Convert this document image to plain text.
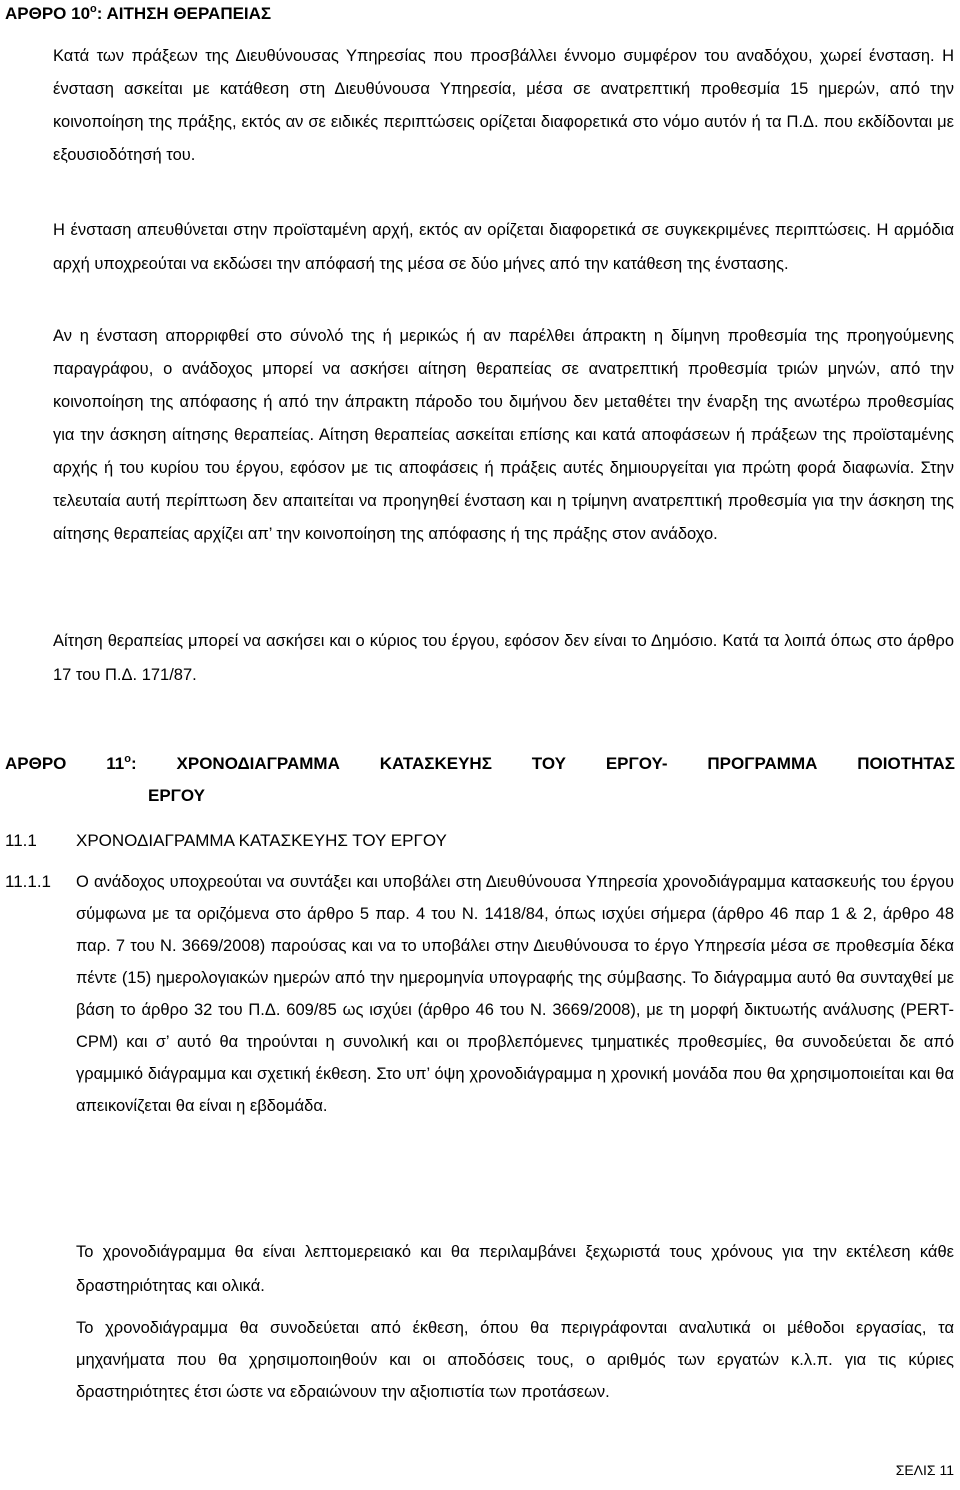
ΑΡΘΡΟ $10^o$: ΑΙΤΗΣΗ ΘΕΡΑΠΕΙΑΣ

Κατά των πράξεων της Διευθύνουσας Υπηρεσίας που προσβάλλει έννομο συμφέρον του αναδόχου, χωρεί ένσταση. Η ένσταση ασκείται με κατάθεση στη Διευθύνουσα Υπηρεσία, μέσα σε ανατρεπτική προθεσμία 15 ημερών, από την κοινοποίηση της πράξης, εκτός αν σε ειδικές περιπτώσεις ορίζεται διαφορετικά στο νόμο αυτόν ή τα Π.Δ. που εκδίδονται με εξουσιοδότησή του.

Η ένσταση απευθύνεται στην προϊσταμένη αρχή, εκτός αν ορίζεται διαφορετικά σε συγκεκριμένες περιπτώσεις. Η αρμόδια αρχή υποχρεούται να εκδώσει την απόφασή της μέσα σε δύο μήνες από την κατάθεση της ένστασης.

Αν η ένσταση απορριφθεί στο σύνολό της ή μερικώς ή αν παρέλθει άπρακτη η δίμηνη προθεσμία της προηγούμενης παραγράφου, ο ανάδοχος μπορεί να ασκήσει αίτηση θεραπείας σε ανατρεπτική προθεσμία τριών μηνών, από την κοινοποίηση της απόφασης ή από την άπρακτη πάροδο του διμήνου δεν μεταθέτει την έναρξη της ανωτέρω προθεσμίας για την άσκηση αίτησης θεραπείας. Αίτηση θεραπείας ασκείται επίσης και κατά αποφάσεων ή πράξεων της προϊσταμένης αρχής ή του κυρίου του έργου, εφόσον με τις αποφάσεις ή πράξεις αυτές δημιουργείται για πρώτη φορά διαφωνία. Στην τελευταία αυτή περίπτωση δεν απαιτείται να προηγηθεί ένσταση και η τρίμηνη ανατρεπτική προθεσμία για την άσκηση της αίτησης θεραπείας αρχίζει απ’ την κοινοποίηση της απόφασης ή της πράξης στον ανάδοχο.

Αίτηση θεραπείας μπορεί να ασκήσει και ο κύριος του έργου, εφόσον δεν είναι το Δημόσιο. Κατά τα λοιπά όπως στο άρθρο 17 του Π.Δ. 171/87.

ΑΡΘΡΟ $11^o$: ΧΡΟΝΟΔΙΑΓΡΑΜΜΑ ΚΑΤΑΣΚΕΥΗΣ ΤΟΥ ΕΡΓΟΥ- ΠΡΟΓΡΑΜΜΑ ΠΟΙΟΤΗΤΑΣ
ΕΡΓΟΥ
11.1 ΧΡΟΝΟΔΙΑΓΡΑΜΜΑ ΚΑΤΑΣΚΕΥΗΣ ΤΟΥ ΕΡΓΟΥ
11.1.1 Ο ανάδοχος υποχρεούται να συντάξει και υποβάλει στη Διευθύνουσα Υπηρεσία χρονοδιάγραμμα κατασκευής του έργου σύμφωνα με τα οριζόμενα στο άρθρο 5 παρ. 4 του Ν. 1418/84, όπως ισχύει σήμερα (άρθρο 46 παρ 1 & 2, άρθρο 48 παρ. 7 του Ν. 3669/2008) παρούσας και να το υποβάλει στην Διευθύνουσα το έργο Υπηρεσία μέσα σε προθεσμία δέκα πέντε (15) ημερολογιακών ημερών από την ημερομηνία υπογραφής της σύμβασης. Το διάγραμμα αυτό θα συνταχθεί με βάση το άρθρο 32 του Π.Δ. 609/85 ως ισχύει (άρθρο 46 του Ν. 3669/2008), με τη μορφή δικτυωτής ανάλυσης (PERT-CPM) και σ’ αυτό θα τηρούνται η συνολική και οι προβλεπόμενες τμηματικές προθεσμίες, θα συνοδεύεται δε από γραμμικό διάγραμμα και σχετική έκθεση. Στο υπ’ όψη χρονοδιάγραμμα η χρονική μονάδα που θα χρησιμοποιείται και θα απεικονίζεται θα είναι η εβδομάδα.

Το χρονοδιάγραμμα θα είναι λεπτομερειακό και θα περιλαμβάνει ξεχωριστά τους χρόνους για την εκτέλεση κάθε δραστηριότητας και ολικά.

Το χρονοδιάγραμμα θα συνοδεύεται από έκθεση, όπου θα περιγράφονται αναλυτικά οι μέθοδοι εργασίας, τα μηχανήματα που θα χρησιμοποιηθούν και οι αποδόσεις τους, ο αριθμός των εργατών κ.λ.π. για τις κύριες δραστηριότητες έτσι ώστε να εδραιώνουν την αξιοπιστία των προτάσεων.

ΣΕΛΙΣ 11
